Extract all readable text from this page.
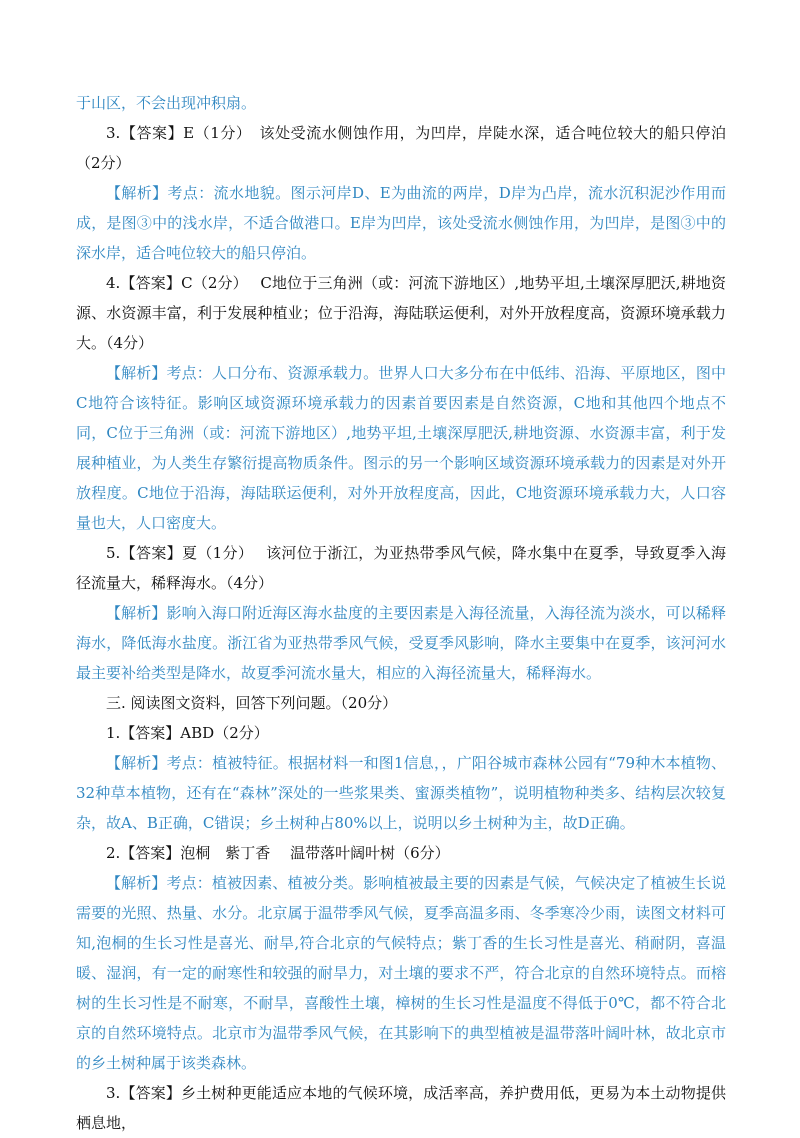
于山区，不会出现冲积扇。

3.【答案】E（1分）　该处受流水侧蚀作用，为凹岸，岸陡水深，适合吨位较大的船只停泊（2分）

【解析】考点：流水地貌。图示河岸D、E为曲流的两岸，D岸为凸岸，流水沉积泥沙作用而成，是图③中的浅水岸，不适合做港口。E岸为凹岸，该处受流水侧蚀作用，为凹岸，是图③中的深水岸，适合吨位较大的船只停泊。

4.【答案】C（2分）　 C地位于三角洲（或：河流下游地区）,地势平坦,土壤深厚肥沃,耕地资源、水资源丰富，利于发展种植业；位于沿海，海陆联运便利，对外开放程度高，资源环境承载力大。（4分）

【解析】考点：人口分布、资源承载力。世界人口大多分布在中低纬、沿海、平原地区，图中C地符合该特征。影响区域资源环境承载力的因素首要因素是自然资源，C地和其他四个地点不同，C位于三角洲（或：河流下游地区）,地势平坦,土壤深厚肥沃,耕地资源、水资源丰富，利于发展种植业，为人类生存繁衍提高物质条件。图示的另一个影响区域资源环境承载力的因素是对外开放程度。C地位于沿海，海陆联运便利，对外开放程度高，因此，C地资源环境承载力大，人口容量也大，人口密度大。

5.【答案】夏（1分）　 该河位于浙江，为亚热带季风气候，降水集中在夏季，导致夏季入海径流量大，稀释海水。（4分）

【解析】影响入海口附近海区海水盐度的主要因素是入海径流量，入海径流为淡水，可以稀释海水，降低海水盐度。浙江省为亚热带季风气候，受夏季风影响，降水主要集中在夏季，该河河水最主要补给类型是降水，故夏季河流水量大，相应的入海径流量大，稀释海水。

三. 阅读图文资料，回答下列问题。（20分）

1.【答案】ABD（2分）

【解析】考点：植被特征。根据材料一和图1信息，，广阳谷城市森林公园有“79种木本植物、32种草本植物，还有在“森林”深处的一些浆果类、蜜源类植物”，说明植物种类多、结构层次较复杂，故A、B正确，C错误；乡土树种占80%以上，说明以乡土树种为主，故D正确。

2.【答案】泡桐　紫丁香　 温带落叶阔叶树（6分）

【解析】考点：植被因素、植被分类。影响植被最主要的因素是气候，气候决定了植被生长说需要的光照、热量、水分。北京属于温带季风气候，夏季高温多雨、冬季寒冷少雨，读图文材料可知,泡桐的生长习性是喜光、耐旱,符合北京的气候特点；紫丁香的生长习性是喜光、稍耐阴，喜温暖、湿润，有一定的耐寒性和较强的耐旱力，对土壤的要求不严，符合北京的自然环境特点。而榕树的生长习性是不耐寒，不耐旱，喜酸性土壤，樟树的生长习性是温度不得低于0℃，都不符合北京的自然环境特点。北京市为温带季风气候，在其影响下的典型植被是温带落叶阔叶林，故北京市的乡土树种属于该类森林。

3.【答案】乡土树种更能适应本地的气候环境，成活率高，养护费用低，更易为本土动物提供栖息地，
